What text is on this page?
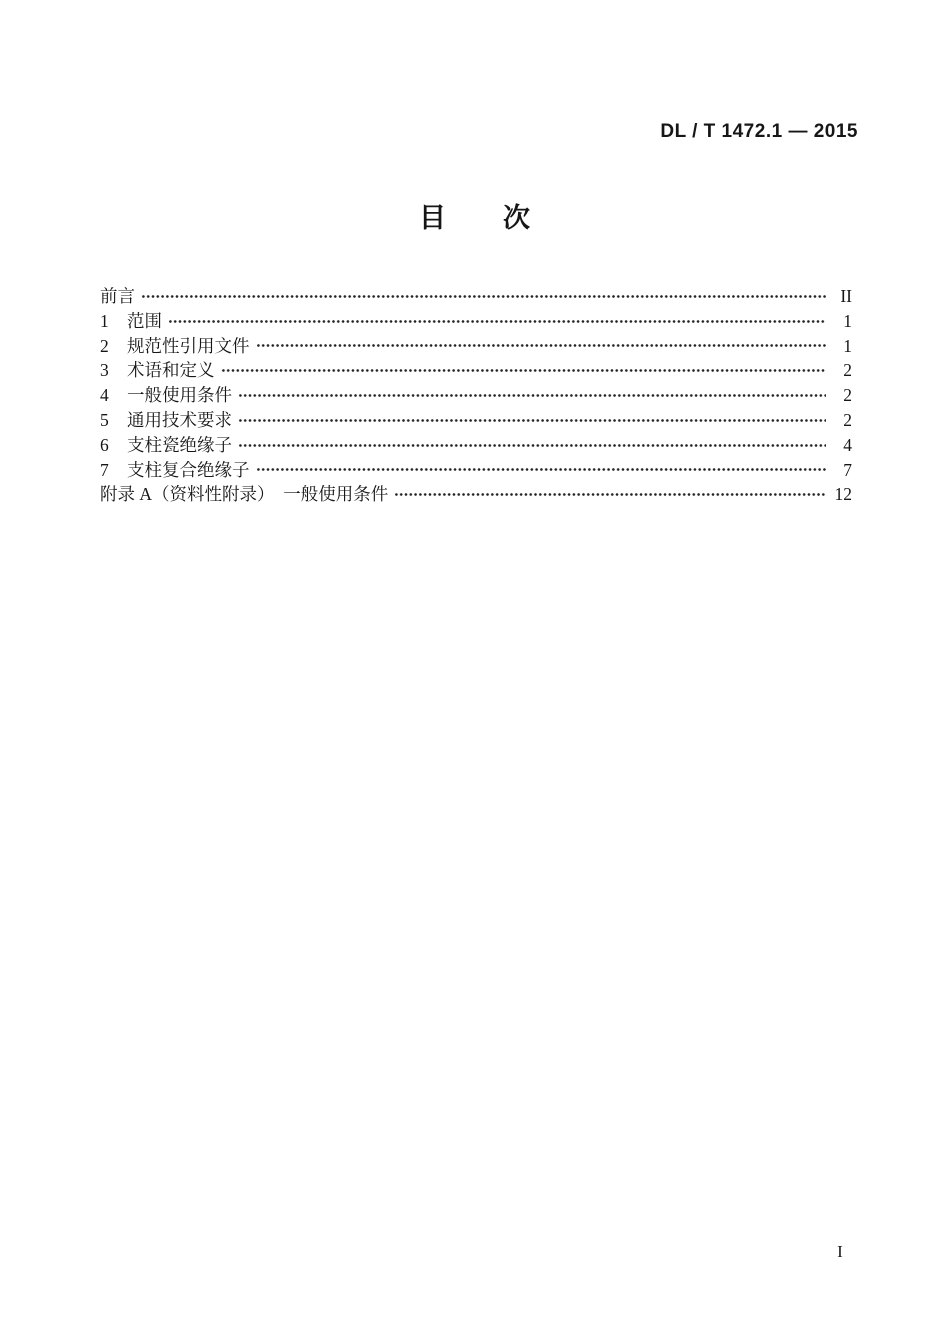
DL / T 1472.1 — 2015
目　　次
前言	II
1	范围	1
2	规范性引用文件	1
3	术语和定义	2
4	一般使用条件	2
5	通用技术要求	2
6	支柱瓷绝缘子	4
7	支柱复合绝缘子	7
附录 A（资料性附录）　一般使用条件	12
I
